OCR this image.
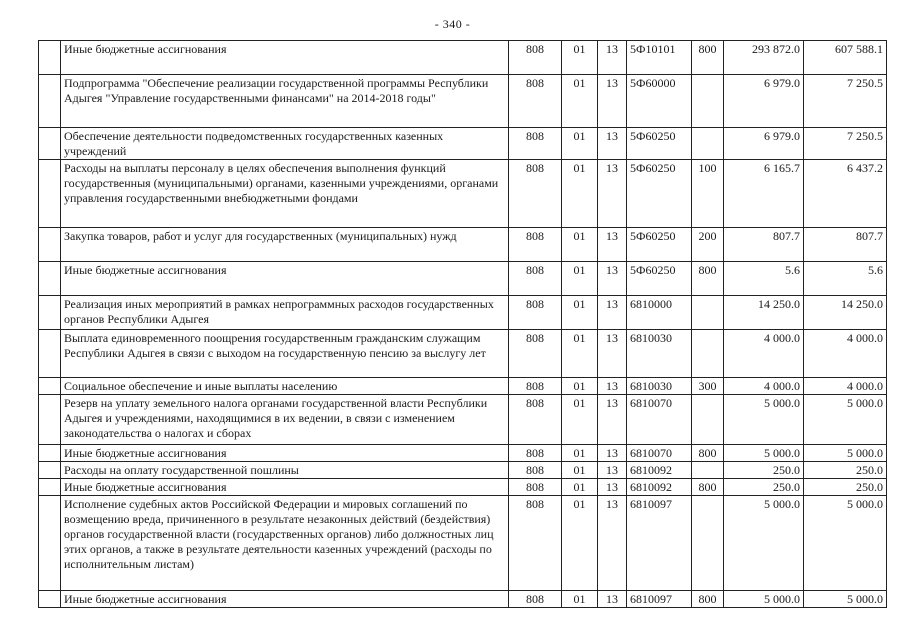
- 340 -
	Иные бюджетные ассигнования	808	01	13	5Ф10101	800	293 872.0	607 588.1
	Подпрограмма "Обеспечение реализации государственной программы Республики Адыгея "Управление государственными финансами" на 2014-2018 годы"	808	01	13	5Ф60000		6 979.0	7 250.5
	Обеспечение деятельности подведомственных государственных казенных учреждений	808	01	13	5Ф60250		6 979.0	7 250.5
	Расходы на выплаты персоналу в целях обеспечения выполнения функций государственныя (муниципальными) органами, казенными учреждениями, органами управления государственными внебюджетными фондами	808	01	13	5Ф60250	100	6 165.7	6 437.2
	Закупка товаров, работ и услуг для государственных (муниципальных) нужд	808	01	13	5Ф60250	200	807.7	807.7
	Иные бюджетные ассигнования	808	01	13	5Ф60250	800	5.6	5.6
	Реализация иных мероприятий в рамках непрограммных расходов государственных органов Республики Адыгея	808	01	13	6810000		14 250.0	14 250.0
	Выплата единовременного поощрения государственным гражданским служащим Республики Адыгея в связи с выходом на государственную пенсию за выслугу лет	808	01	13	6810030		4 000.0	4 000.0
	Социальное обеспечение и иные выплаты населению	808	01	13	6810030	300	4 000.0	4 000.0
	Резерв на уплату земельного налога органами государственной власти Республики Адыгея и учреждениями, находящимися в их ведении, в связи с изменением законодательства о налогах и сборах	808	01	13	6810070		5 000.0	5 000.0
	Иные бюджетные ассигнования	808	01	13	6810070	800	5 000.0	5 000.0
	Расходы на оплату государственной пошлины	808	01	13	6810092		250.0	250.0
	Иные бюджетные ассигнования	808	01	13	6810092	800	250.0	250.0
	Исполнение судебных актов Российской Федерации и мировых соглашений по возмещению вреда, причиненного в результате незаконных действий (бездействия) органов государственной власти (государственных органов) либо должностных лиц этих органов, а также в результате деятельности казенных учреждений (расходы по исполнительным листам)	808	01	13	6810097		5 000.0	5 000.0
	Иные бюджетные ассигнования	808	01	13	6810097	800	5 000.0	5 000.0
